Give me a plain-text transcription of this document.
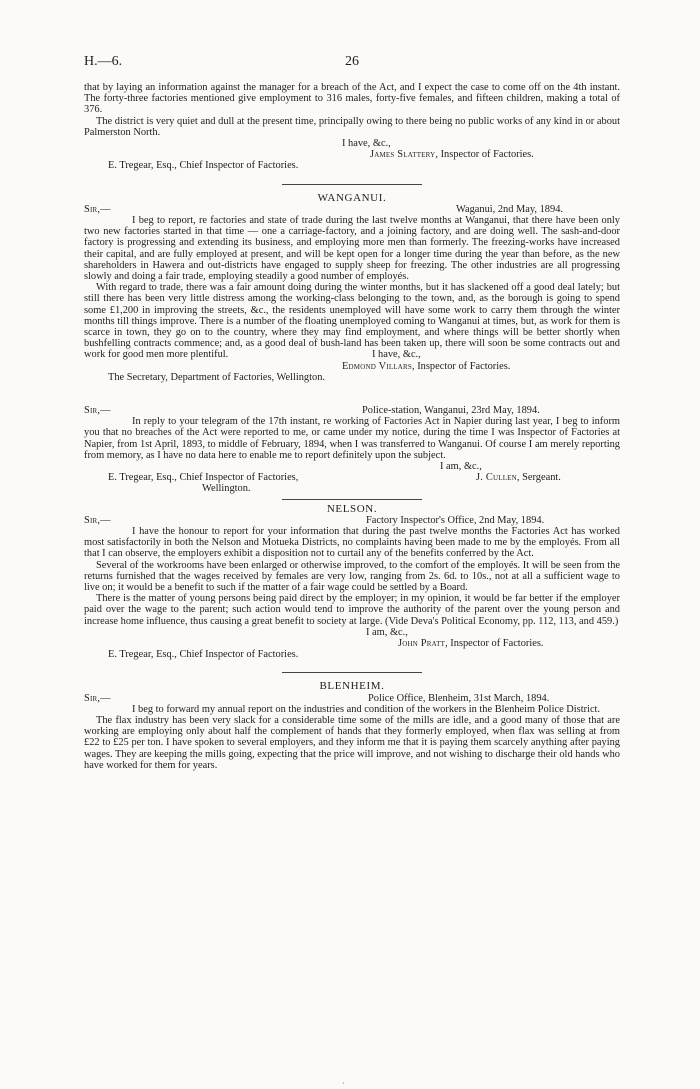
H.—6.	26

that by laying an information against the manager for a breach of the Act, and I expect the case to come off on the 4th instant. The forty-three factories mentioned give employment to 316 males, forty-five females, and fifteen children, making a total of 376.

The district is very quiet and dull at the present time, principally owing to there being no public works of any kind in or about Palmerston North.

I have, &c.,
James Slattery, Inspector of Factories.
E. Tregear, Esq., Chief Inspector of Factories.
WANGANUI.
Sir,—	Waganui, 2nd May, 1894.

I beg to report, re factories and state of trade during the last twelve months at Wanganui, that there have been only two new factories started in that time — one a carriage-factory, and a joining factory, and are doing well. The sash-and-door factory is progressing and extending its business, and employing more men than formerly. The freezing-works have increased their capital, and are fully employed at present, and will be kept open for a longer time during the year than before, as the new shareholders in Hawera and out-districts have engaged to supply sheep for freezing. The other industries are all progressing slowly and doing a fair trade, employing steadily a good number of employés.

With regard to trade, there was a fair amount doing during the winter months, but it has slackened off a good deal lately; but still there has been very little distress among the working-class belonging to the town, and, as the borough is going to spend some £1,200 in improving the streets, &c., the residents unemployed will have some work to carry them through the winter months till things improve. There is a number of the floating unemployed coming to Wanganui at times, but, as work for them is scarce in town, they go on to the country, where they may find employment, and where things will be better shortly when bushfelling contracts commence; and, as a good deal of bush-land has been taken up, there will soon be some contracts out and work for good men more plentiful.	I have, &c.,
Edmond Villars, Inspector of Factories.
The Secretary, Department of Factories, Wellington.
Sir,—	Police-station, Wanganui, 23rd May, 1894.

In reply to your telegram of the 17th instant, re working of Factories Act in Napier during last year, I beg to inform you that no breaches of the Act were reported to me, or came under my notice, during the time I was Inspector of Factories at Napier, from 1st April, 1893, to middle of February, 1894, when I was transferred to Wanganui. Of course I am merely reporting from memory, as I have no data here to enable me to report definitely upon the subject.

I am, &c.,
E. Tregear, Esq., Chief Inspector of Factories,	J. Cullen, Sergeant.
Wellington.
NELSON.
Sir,—	Factory Inspector's Office, 2nd May, 1894.

I have the honour to report for your information that during the past twelve months the Factories Act has worked most satisfactorily in both the Nelson and Motueka Districts, no complaints having been made to me by the employés. From all that I can observe, the employers exhibit a disposition not to curtail any of the benefits conferred by the Act.

Several of the workrooms have been enlarged or otherwise improved, to the comfort of the employés. It will be seen from the returns furnished that the wages received by females are very low, ranging from 2s. 6d. to 10s., not at all a sufficient wage to live on; it would be a benefit to such if the matter of a fair wage could be settled by a Board.

There is the matter of young persons being paid direct by the employer; in my opinion, it would be far better if the employer paid over the wage to the parent; such action would tend to improve the authority of the parent over the young person and increase home influence, thus causing a great benefit to society at large. (Vide Deva's Political Economy, pp. 112, 113, and 459.)

I am, &c.,
John Pratt, Inspector of Factories.
E. Tregear, Esq., Chief Inspector of Factories.
BLENHEIM.
Sir,—	Police Office, Blenheim, 31st March, 1894.

I beg to forward my annual report on the industries and condition of the workers in the Blenheim Police District.

The flax industry has been very slack for a considerable time some of the mills are idle, and a good many of those that are working are employing only about half the complement of hands that they formerly employed, when flax was selling at from £22 to £25 per ton. I have spoken to several employers, and they inform me that it is paying them scarcely anything after paying wages. They are keeping the mills going, expecting that the price will improve, and not wishing to discharge their old hands who have worked for them for years.

·
